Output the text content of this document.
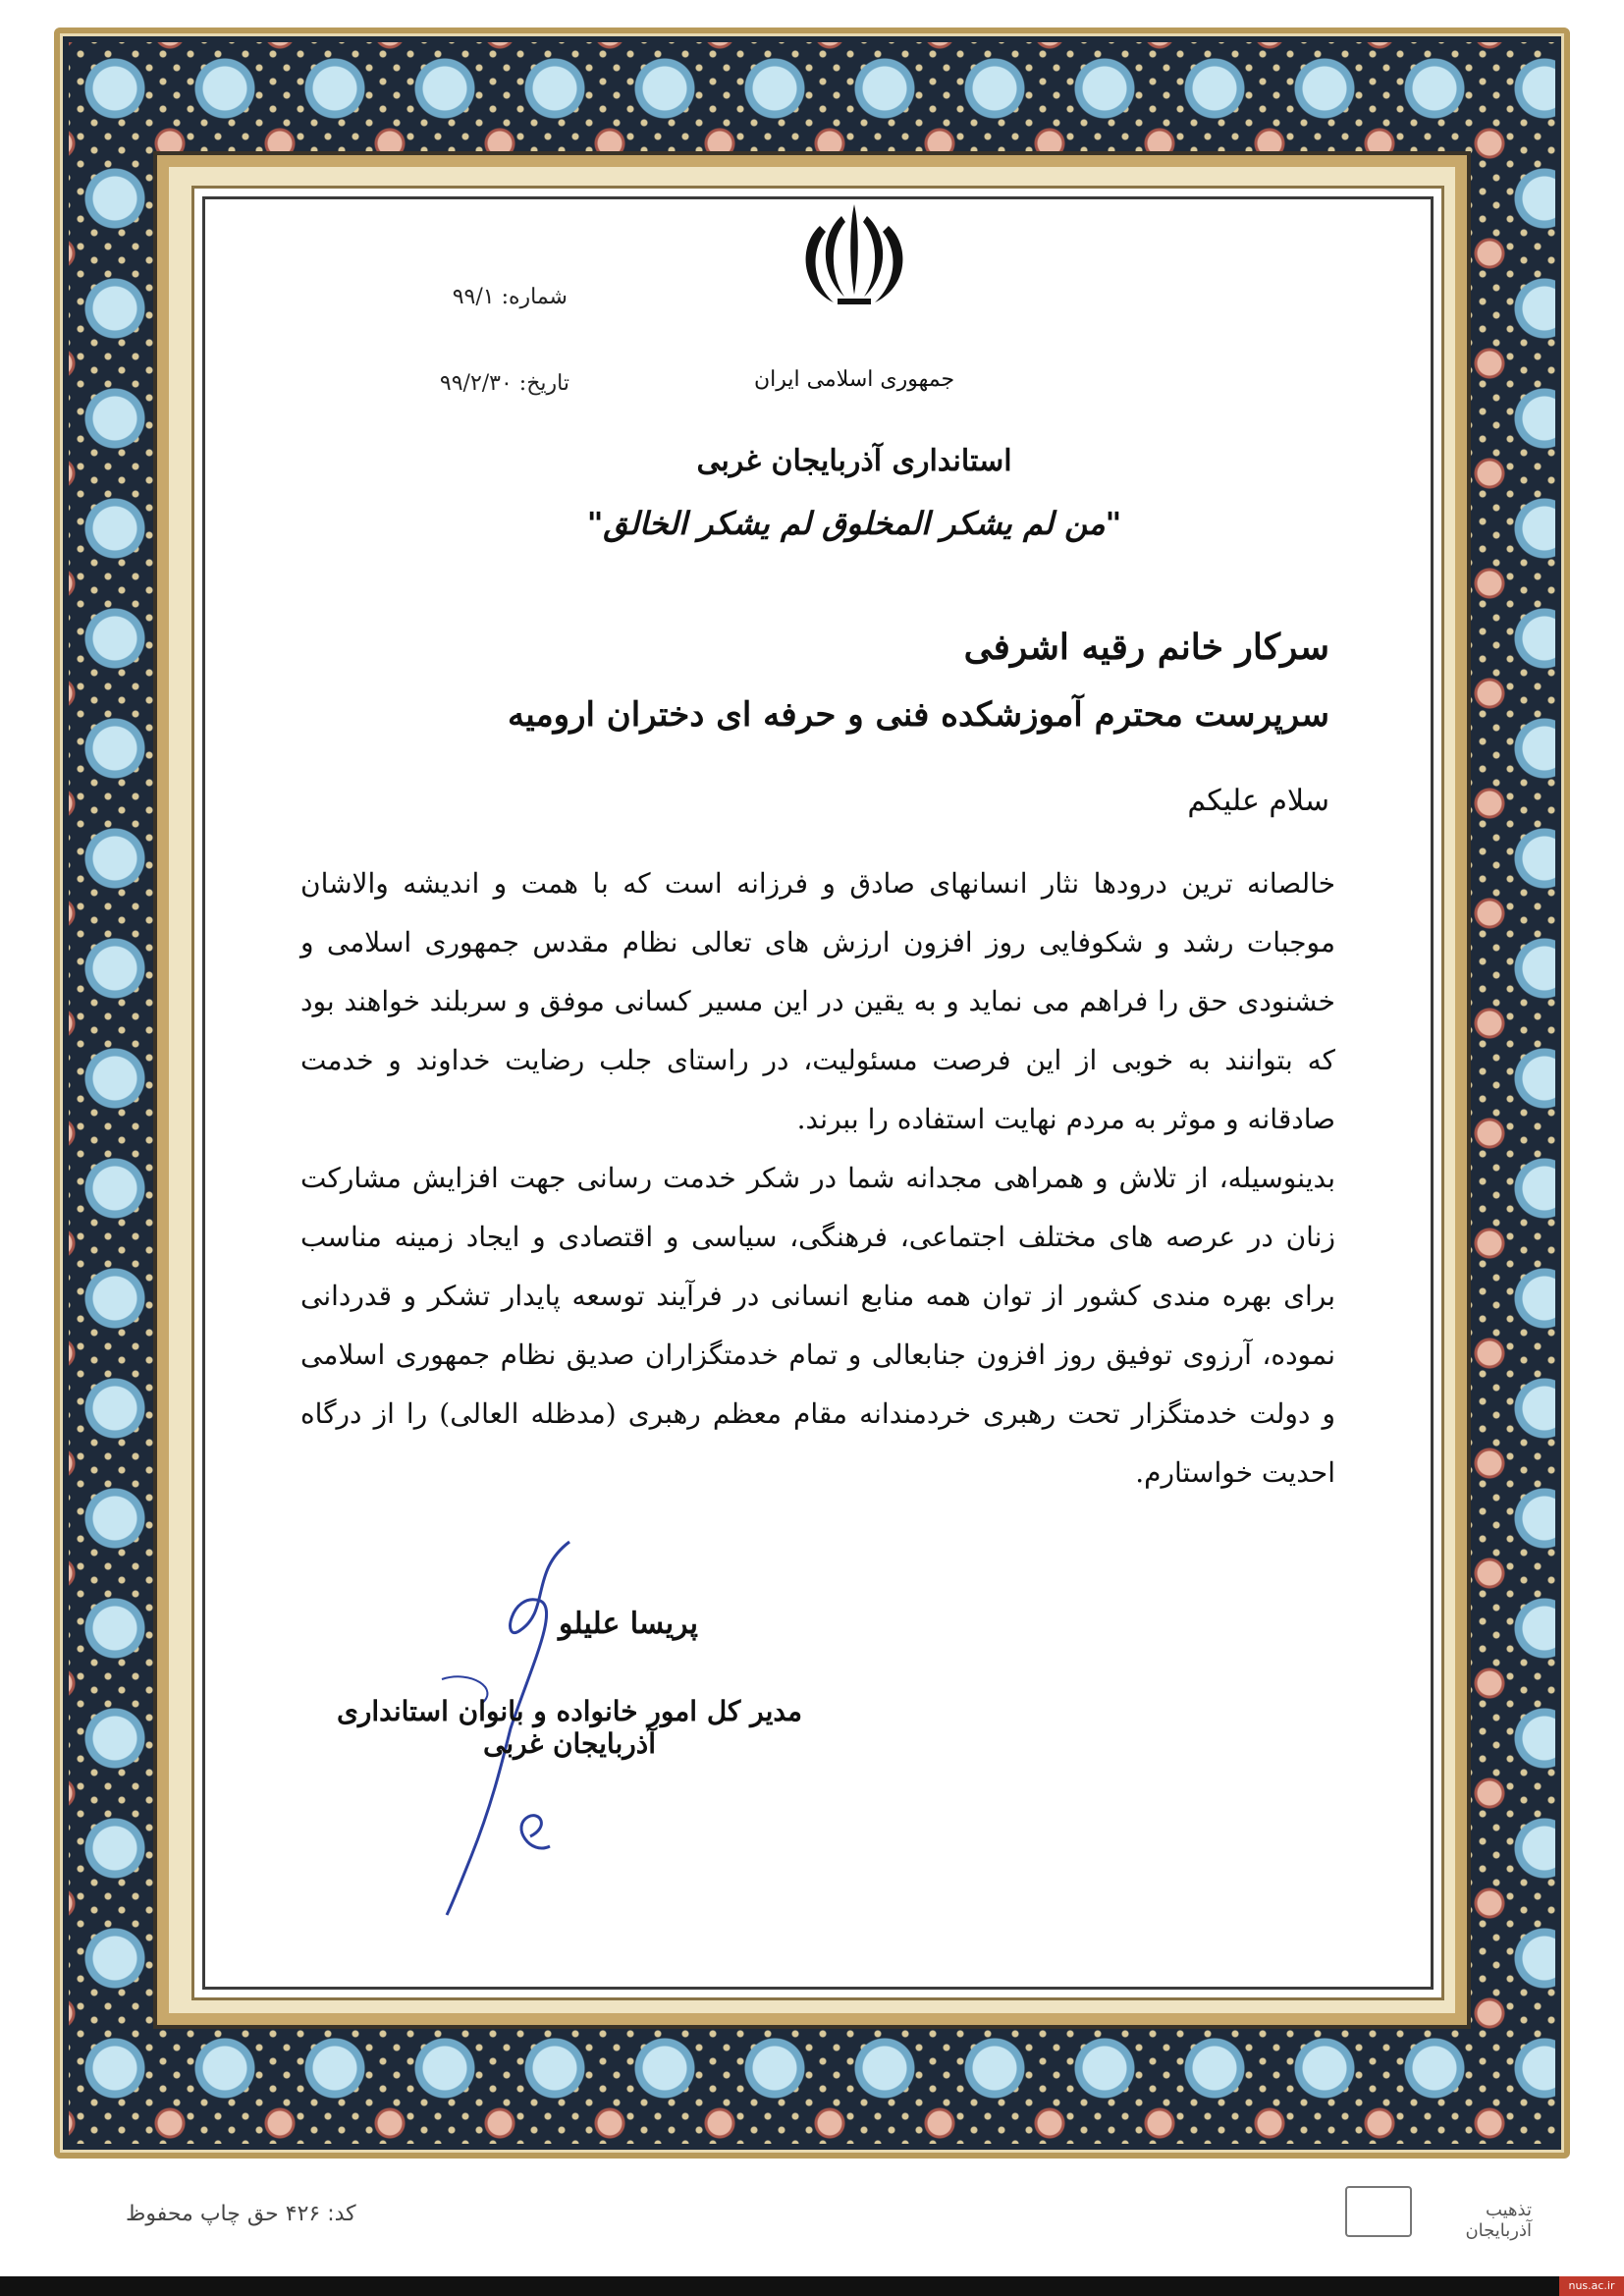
شماره: ۹۹/۱
تاریخ: ۹۹/۲/۳۰	جمهوری اسلامی ایران
استانداری آذربایجان غربی
"من لم یشکر المخلوق لم یشکر الخالق"
سرکار خانم رقیه اشرفی
سرپرست محترم آموزشکده فنی و حرفه ای دختران ارومیه
سلام علیکم

خالصانه ترین درودها نثار انسانهای صادق و فرزانه است که با همت و اندیشه والاشان موجبات رشد و شکوفایی روز افزون ارزش های تعالی نظام مقدس جمهوری اسلامی و خشنودی حق را فراهم می نماید و به یقین در این مسیر کسانی موفق و سربلند خواهند بود که بتوانند به خوبی از این فرصت مسئولیت، در راستای جلب رضایت خداوند و خدمت صادقانه و موثر به مردم نهایت استفاده را ببرند.

بدینوسیله، از تلاش و همراهی مجدانه شما در شکر خدمت رسانی جهت افزایش مشارکت زنان در عرصه های مختلف اجتماعی، فرهنگی، سیاسی و اقتصادی و ایجاد زمینه مناسب برای بهره مندی کشور از توان همه منابع انسانی در فرآیند توسعه پایدار تشکر و قدردانی نموده، آرزوی توفیق روز افزون جنابعالی و تمام خدمتگزاران صدیق نظام جمهوری اسلامی و دولت خدمتگزار تحت رهبری خردمندانه مقام معظم رهبری (مدظله العالی) را از درگاه احدیت خواستارم.

پریسا علیلو
مدیر کل امور خانواده و بانوان استانداری آذربایجان غربی
کد: ۴۲۶ حق چاپ محفوظ	تذهیب آذربایجان
nus.ac.ir
